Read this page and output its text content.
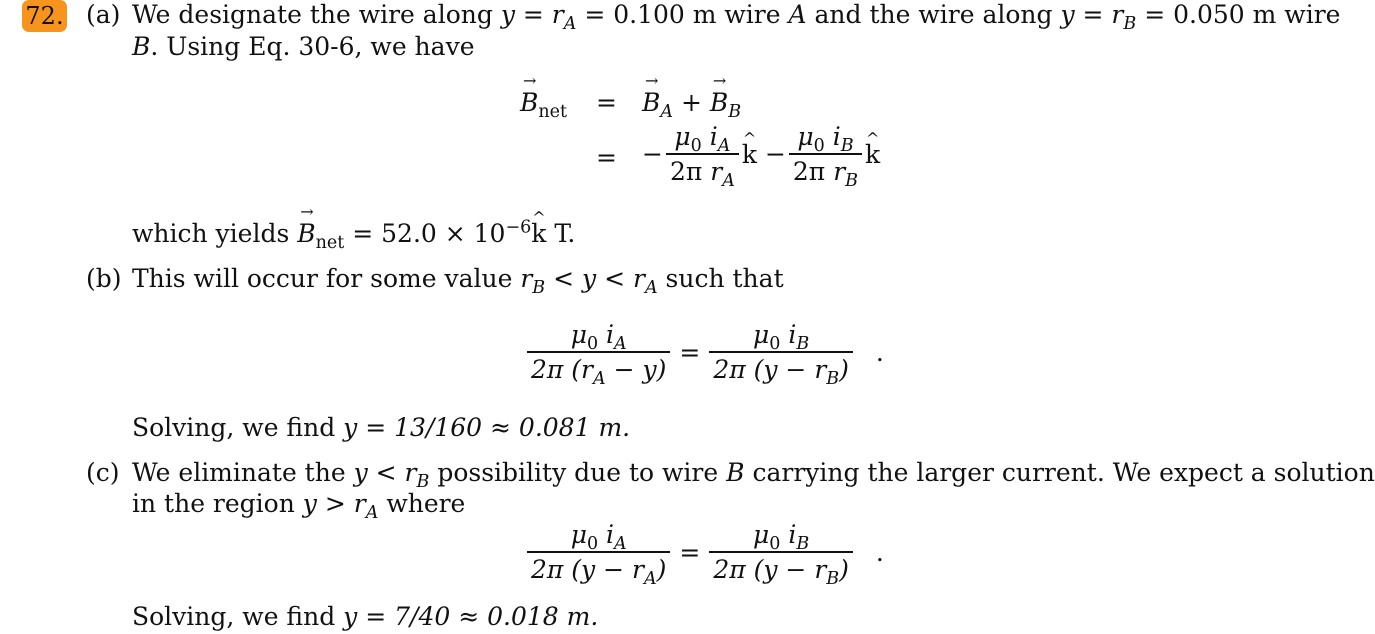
72. (a) We designate the wire along $y = r_A = 0.100$ m wire A and the wire along $y = r_B = 0.050$ m wire
B. Using Eq. 30-6, we have
→ $B_{net}$ = → $B_A$ + → $B_B$
= − $\frac{\mu_0 i_A}{2\pi r_A}$ ^ $k - \frac{\mu_0 i_B}{2\pi r_B}$ ^ k
which yields → $B_{net} = 52.0$ × $10^{-6}\^{}$ k T.
(b) This will occur for some value $r_B < y < r_A$ such that
$\frac{\mu_0 i_A}{2\pi (r_A - y)} = \frac{\mu_0 i_B}{2\pi (y - r_B)}$ .
Solving, we find y = 13/160 ≈ 0.081 m.
(c) We eliminate the $y < r_B$ possibility due to wire B carrying the larger current. We expect a solution
in the region $y > r_A$ where
$\frac{\mu_0 i_A}{2\pi (y - r_A)} = \frac{\mu_0 i_B}{2\pi (y - r_B)}$ .
Solving, we find y = 7/40 ≈ 0.018 m.
